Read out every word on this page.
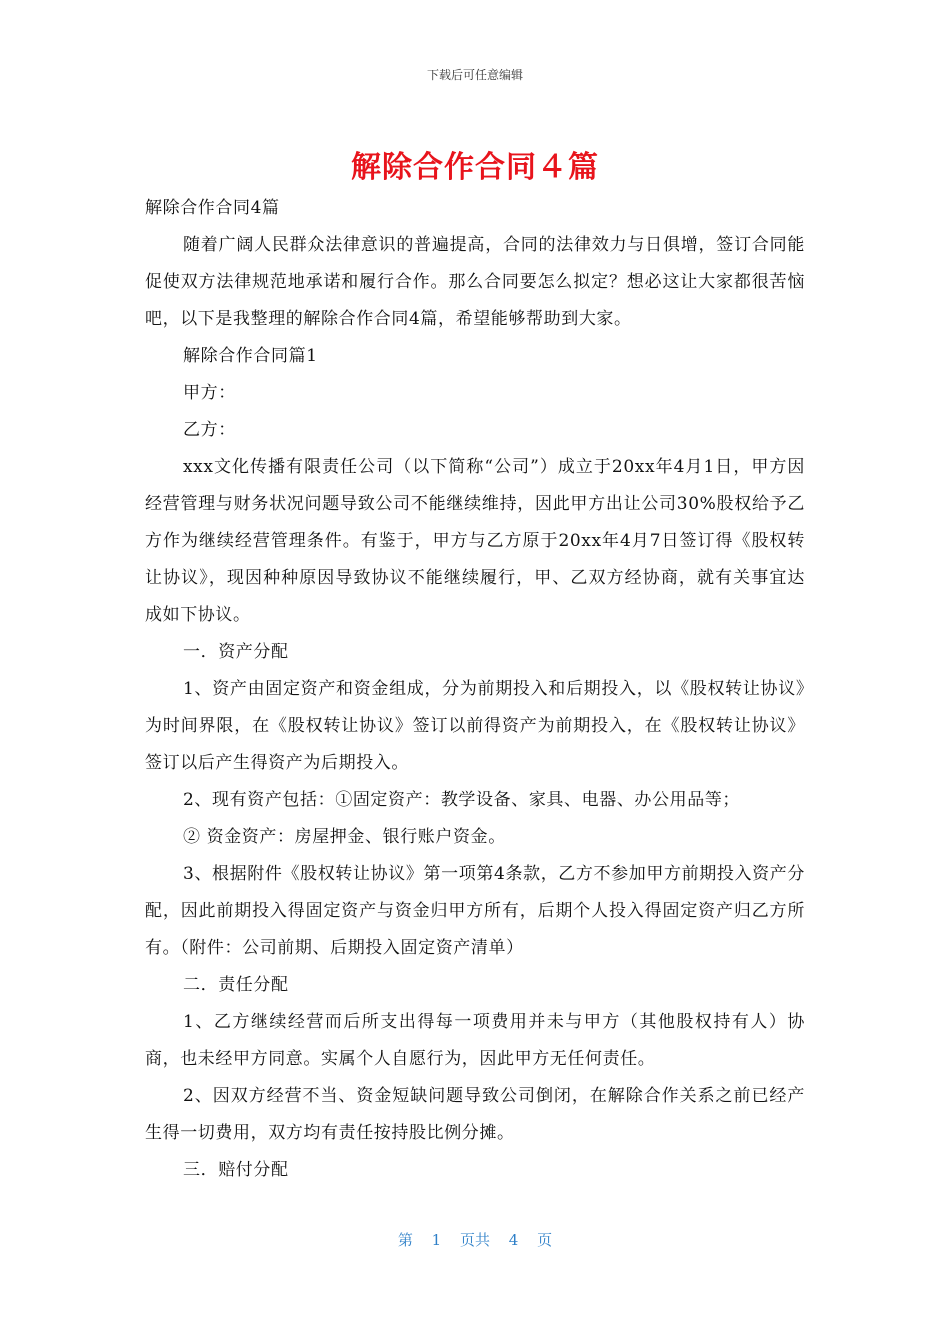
下载后可任意编辑
解除合作合同４篇

解除合作合同4篇

随着广阔人民群众法律意识的普遍提高，合同的法律效力与日俱增，签订合同能促使双方法律规范地承诺和履行合作。那么合同要怎么拟定？想必这让大家都很苦恼吧，以下是我整理的解除合作合同4篇，希望能够帮助到大家。

解除合作合同篇1

甲方：

乙方：

xxx文化传播有限责任公司（以下简称“公司”）成立于20xx年4月1日，甲方因经营管理与财务状况问题导致公司不能继续维持，因此甲方出让公司30%股权给予乙方作为继续经营管理条件。有鉴于，甲方与乙方原于20xx年4月7日签订得《股权转让协议》，现因种种原因导致协议不能继续履行，甲、乙双方经协商，就有关事宜达成如下协议。

一．资产分配

1、资产由固定资产和资金组成，分为前期投入和后期投入，以《股权转让协议》为时间界限，在《股权转让协议》签订以前得资产为前期投入，在《股权转让协议》签订以后产生得资产为后期投入。

2、现有资产包括：①固定资产：教学设备、家具、电器、办公用品等；

② 资金资产：房屋押金、银行账户资金。

3、根据附件《股权转让协议》第一项第4条款，乙方不参加甲方前期投入资产分配，因此前期投入得固定资产与资金归甲方所有，后期个人投入得固定资产归乙方所有。（附件：公司前期、后期投入固定资产清单）

二．责任分配

1、乙方继续经营而后所支出得每一项费用并未与甲方（其他股权持有人）协商，也未经甲方同意。实属个人自愿行为，因此甲方无任何责任。

2、因双方经营不当、资金短缺问题导致公司倒闭，在解除合作关系之前已经产生得一切费用，双方均有责任按持股比例分摊。

三．赔付分配

第 1 页共 4 页
